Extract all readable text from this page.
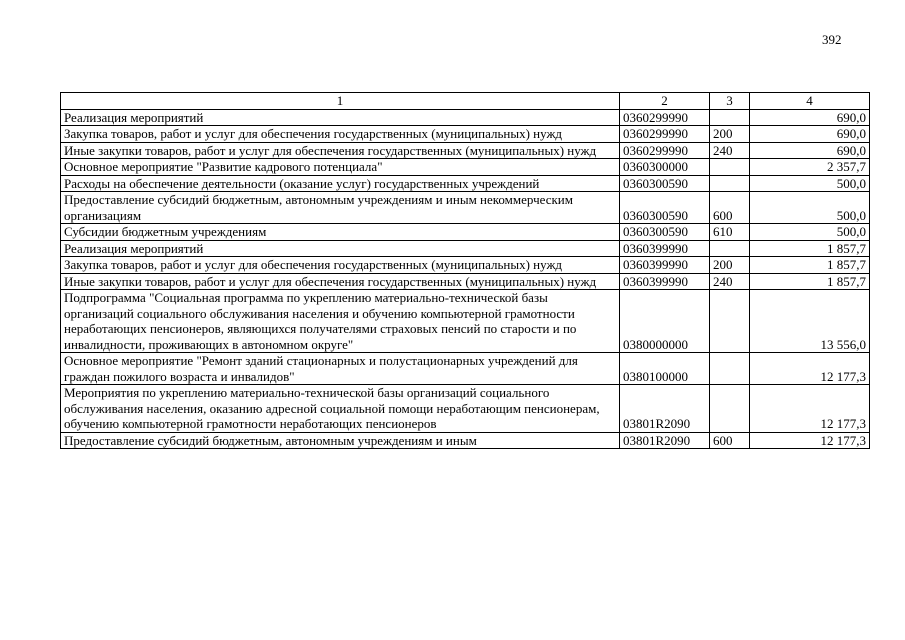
392
1	2	3	4
Реализация мероприятий	0360299990		690,0
Закупка товаров, работ и услуг для обеспечения государственных (муниципальных) нужд	0360299990	200	690,0
Иные закупки товаров, работ и услуг для обеспечения государственных (муниципальных) нужд	0360299990	240	690,0
Основное мероприятие "Развитие кадрового потенциала"	0360300000		2 357,7
Расходы на обеспечение деятельности (оказание услуг) государственных учреждений	0360300590		500,0
Предоставление субсидий бюджетным, автономным учреждениям и иным некоммерческим организациям	0360300590	600	500,0
Субсидии бюджетным учреждениям	0360300590	610	500,0
Реализация мероприятий	0360399990		1 857,7
Закупка товаров, работ и услуг для обеспечения государственных (муниципальных) нужд	0360399990	200	1 857,7
Иные закупки товаров, работ и услуг для обеспечения государственных (муниципальных) нужд	0360399990	240	1 857,7
Подпрограмма "Социальная программа по укреплению материально-технической базы организаций социального обслуживания населения и обучению компьютерной грамотности неработающих пенсионеров, являющихся получателями страховых пенсий по старости и по инвалидности, проживающих в автономном округе"	0380000000		13 556,0
Основное мероприятие "Ремонт зданий стационарных и полустационарных учреждений для граждан пожилого возраста и инвалидов"	0380100000		12 177,3
Мероприятия по укреплению материально-технической базы организаций социального обслуживания населения, оказанию адресной социальной помощи неработающим пенсионерам, обучению компьютерной грамотности неработающих пенсионеров	03801R2090		12 177,3
Предоставление субсидий бюджетным, автономным учреждениям и иным	03801R2090	600	12 177,3
